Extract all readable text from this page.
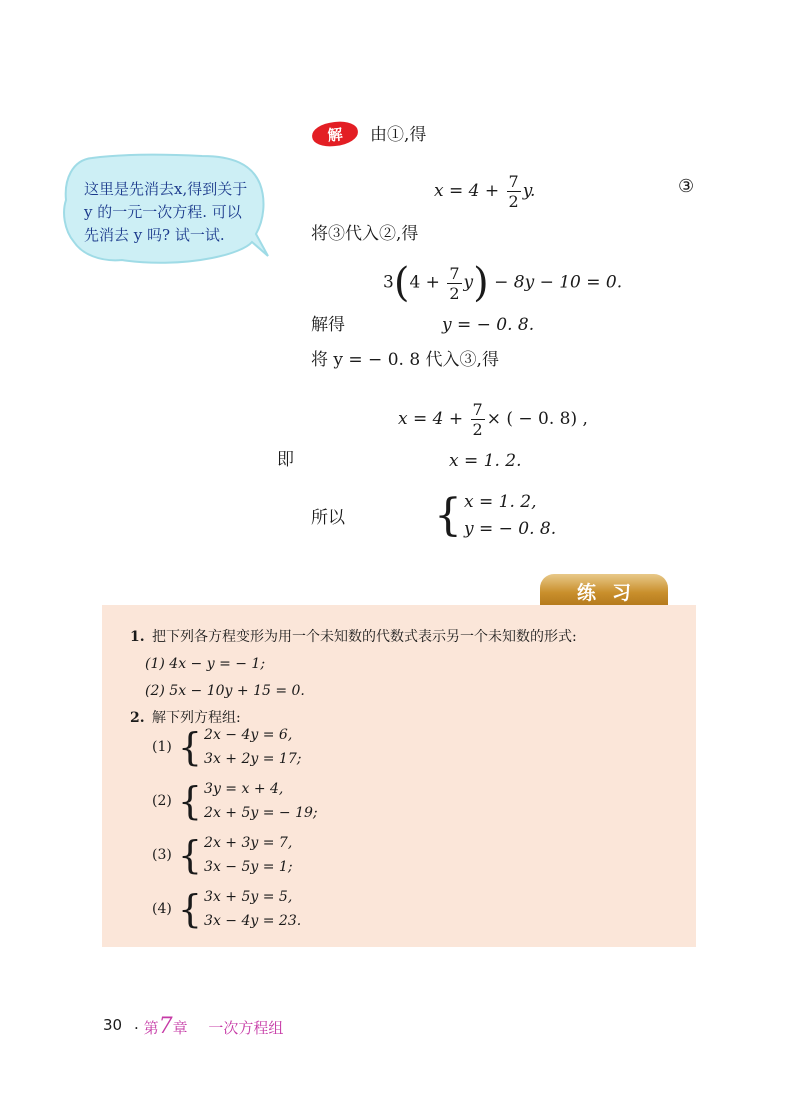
解	由①,得
这里是先消去x,得到关于 y 的一元一次方程. 可以先消去 y 吗? 试一试.
$x = 4 + \frac{7}{2} y$.	③
将③代入②,得
$3(4 + \frac{7}{2} y) - 8y - 10 = 0$.
解得	y = − 0. 8.
将 y = − 0. 8 代入③,得
$x = 4 + \frac{7}{2}$ × ( − 0. 8) ,
即	x = 1. 2.
所以 { x = 1. 2,
y = − 0. 8.
练习
1. 把下列各方程变形为用一个未知数的代数式表示另一个未知数的形式:
(1) 4x − y = − 1;
(2) 5x − 10y + 15 = 0.
2. 解下列方程组:
(1) { 2x − 4y = 6,
3x + 2y = 17;
(2) { 3y = x + 4,
2x + 5y = − 19;
(3) { 2x + 3y = 7,
3x − 5y = 1;
(4) { 3x + 5y = 5,
3x − 4y = 23.
30 · 第7章 一次方程组
